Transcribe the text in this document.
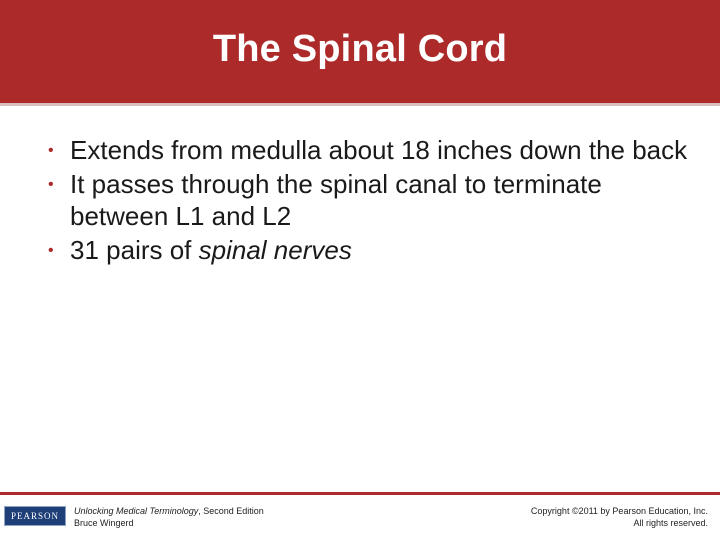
The Spinal Cord
• Extends from medulla about 18 inches down the back
• It passes through the spinal canal to terminate between L1 and L2
• 31 pairs of spinal nerves
PEARSON Unlocking Medical Terminology, Second Edition
Bruce Wingerd
Copyright ©2011 by Pearson Education, Inc.
All rights reserved.
